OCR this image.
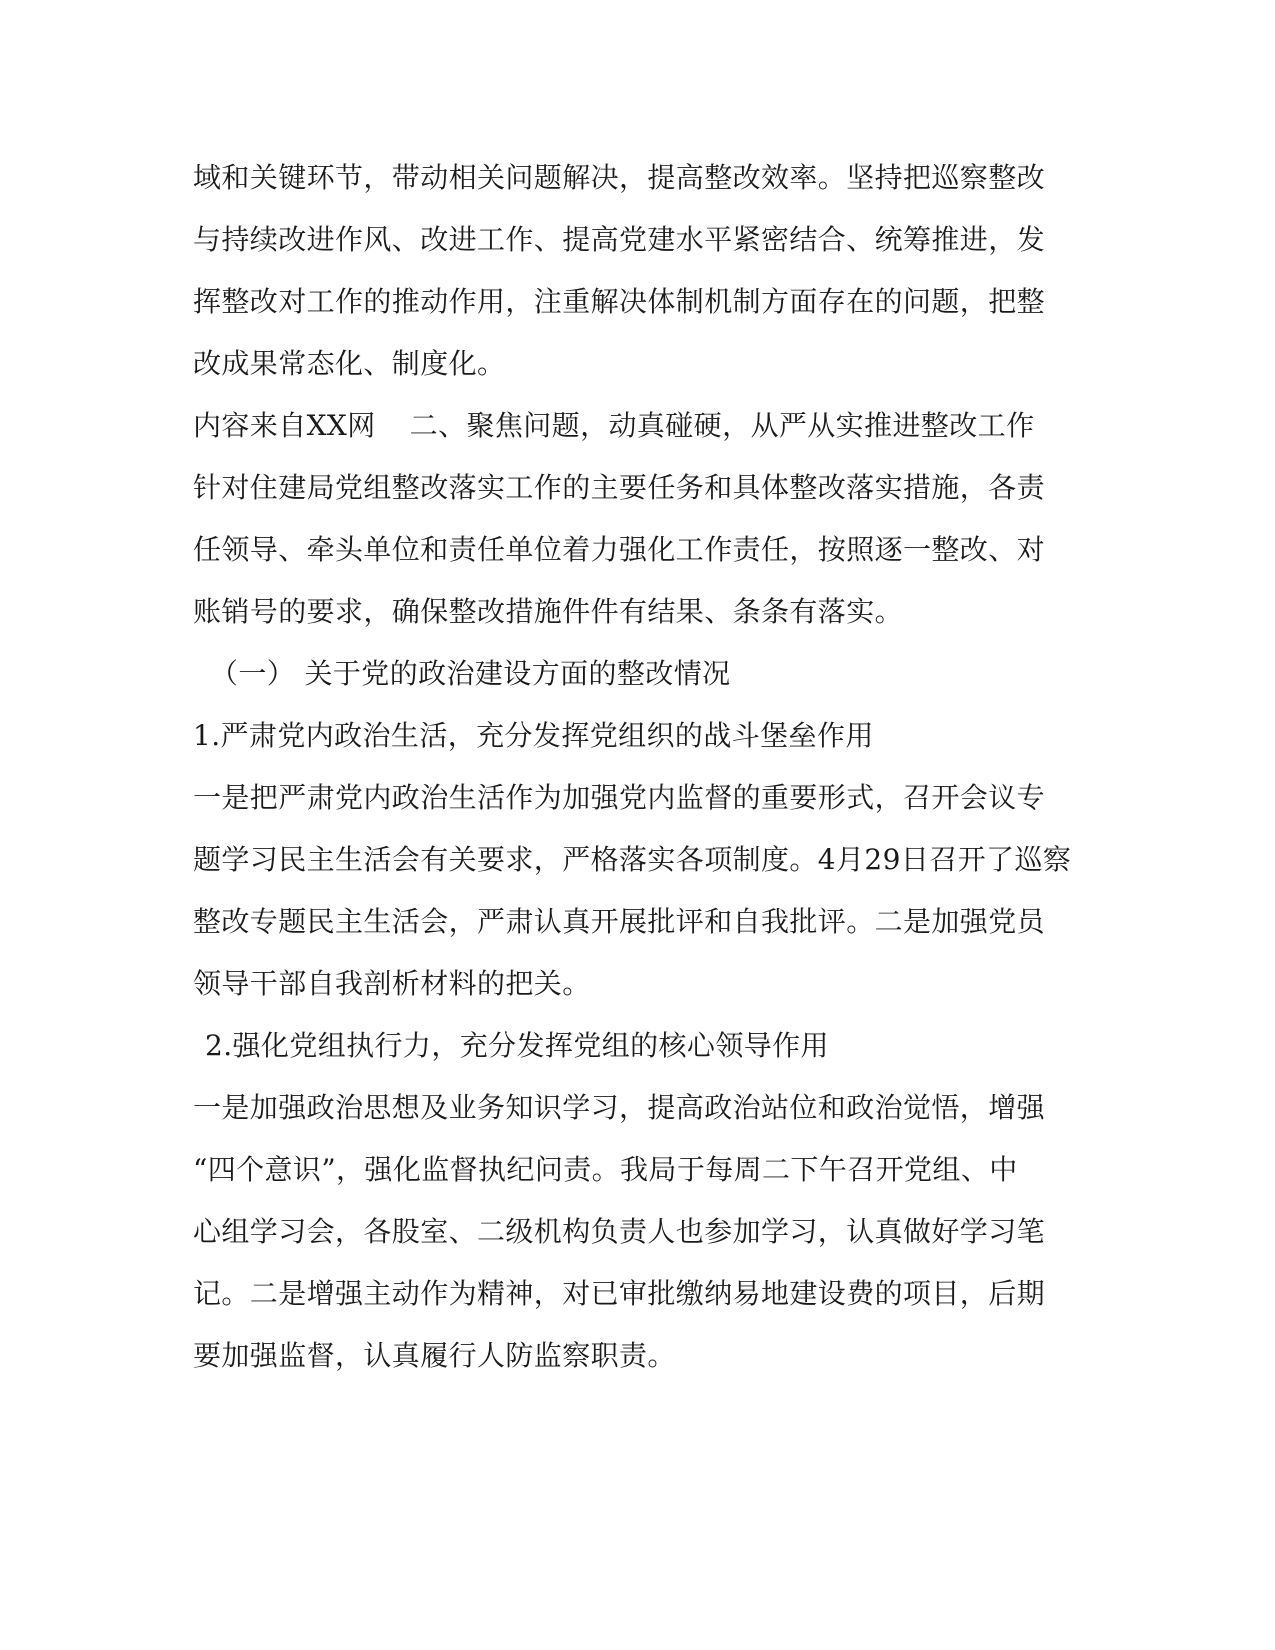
域和关键环节，带动相关问题解决，提高整改效率。坚持把巡察整改
与持续改进作风、改进工作、提高党建水平紧密结合、统筹推进，发
挥整改对工作的推动作用，注重解决体制机制方面存在的问题，把整
改成果常态化、制度化。
内容来自XX网 二、聚焦问题，动真碰硬，从严从实推进整改工作
针对住建局党组整改落实工作的主要任务和具体整改落实措施，各责
任领导、牵头单位和责任单位着力强化工作责任，按照逐一整改、对
账销号的要求，确保整改措施件件有结果、条条有落实。
（一） 关于党的政治建设方面的整改情况
1.严肃党内政治生活，充分发挥党组织的战斗堡垒作用
一是把严肃党内政治生活作为加强党内监督的重要形式，召开会议专
题学习民主生活会有关要求，严格落实各项制度。4月29日召开了巡察
整改专题民主生活会，严肃认真开展批评和自我批评。二是加强党员
领导干部自我剖析材料的把关。
2.强化党组执行力，充分发挥党组的核心领导作用
一是加强政治思想及业务知识学习，提高政治站位和政治觉悟，增强
“四个意识”，强化监督执纪问责。我局于每周二下午召开党组、中
心组学习会，各股室、二级机构负责人也参加学习，认真做好学习笔
记。二是增强主动作为精神，对已审批缴纳易地建设费的项目，后期
要加强监督，认真履行人防监察职责。
